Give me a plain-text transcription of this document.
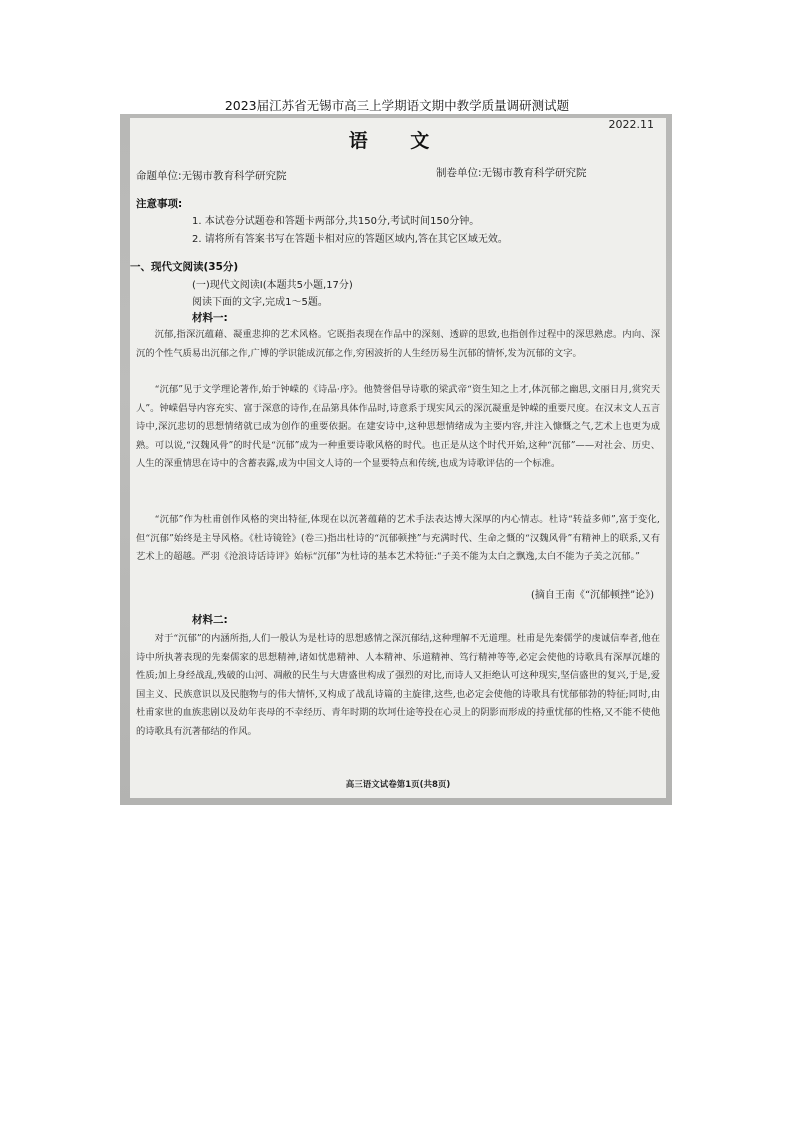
2023届江苏省无锡市高三上学期语文期中教学质量调研测试题
2022.11
语 文
命题单位:无锡市教育科学研究院	制卷单位:无锡市教育科学研究院
注意事项:
1. 本试卷分试题卷和答题卡两部分,共150分,考试时间150分钟。
2. 请将所有答案书写在答题卡相对应的答题区域内,答在其它区域无效。
一、现代文阅读(35分)
(一)现代文阅读Ⅰ(本题共5小题,17分)
阅读下面的文字,完成1～5题。
材料一:
沉郁,指深沉蕴藉、凝重悲抑的艺术风格。它既指表现在作品中的深刻、透辟的思致,也指创作过程中的深思熟虑。内向、深沉的个性气质易出沉郁之作,广博的学识能成沉郁之作,穷困波折的人生经历易生沉郁的情怀,发为沉郁的文字。
“沉郁”见于文学理论著作,始于钟嵘的《诗品·序》。他赞誉倡导诗歌的梁武帝“资生知之上才,体沉郁之幽思,文丽日月,赏究天人”。钟嵘倡导内容充实、富于深意的诗作,在品第具体作品时,诗意系于现实风云的深沉凝重是钟嵘的重要尺度。在汉末文人五言诗中,深沉悲切的思想情绪就已成为创作的重要依据。在建安诗中,这种思想情绪成为主要内容,并注入慷慨之气,艺术上也更为成熟。可以说,“汉魏风骨”的时代是“沉郁”成为一种重要诗歌风格的时代。也正是从这个时代开始,这种“沉郁”——对社会、历史、人生的深重情思在诗中的含蓄表露,成为中国文人诗的一个显要特点和传统,也成为诗歌评估的一个标准。
“沉郁”作为杜甫创作风格的突出特征,体现在以沉著蕴藉的艺术手法表达博大深厚的内心情志。杜诗“转益多师”,富于变化,但“沉郁”始终是主导风格。《杜诗镜铨》(卷三)指出杜诗的“沉郁顿挫”与充满时代、生命之慨的“汉魏风骨”有精神上的联系,又有艺术上的超越。严羽《沧浪诗话诗评》始标“沉郁”为杜诗的基本艺术特征:“子美不能为太白之飘逸,太白不能为子美之沉郁。”
(摘自王南《“沉郁顿挫”论》)
材料二:
对于“沉郁”的内涵所指,人们一般认为是杜诗的思想感情之深沉郁结,这种理解不无道理。杜甫是先秦儒学的虔诚信奉者,他在诗中所执著表现的先秦儒家的思想精神,诸如忧患精神、人本精神、乐道精神、笃行精神等等,必定会使他的诗歌具有深厚沉雄的性质;加上身经战乱,残破的山河、凋敝的民生与大唐盛世构成了强烈的对比,而诗人又拒绝认可这种现实,坚信盛世的复兴,于是,爱国主义、民族意识以及民胞物与的伟大情怀,又构成了战乱诗篇的主旋律,这些,也必定会使他的诗歌具有忧郁郁勃的特征;同时,由杜甫家世的血族悲剧以及幼年丧母的不幸经历、青年时期的坎坷仕途等投在心灵上的阴影而形成的持重忧郁的性格,又不能不使他的诗歌具有沉著郁结的作风。
高三语文试卷第1页(共8页)
